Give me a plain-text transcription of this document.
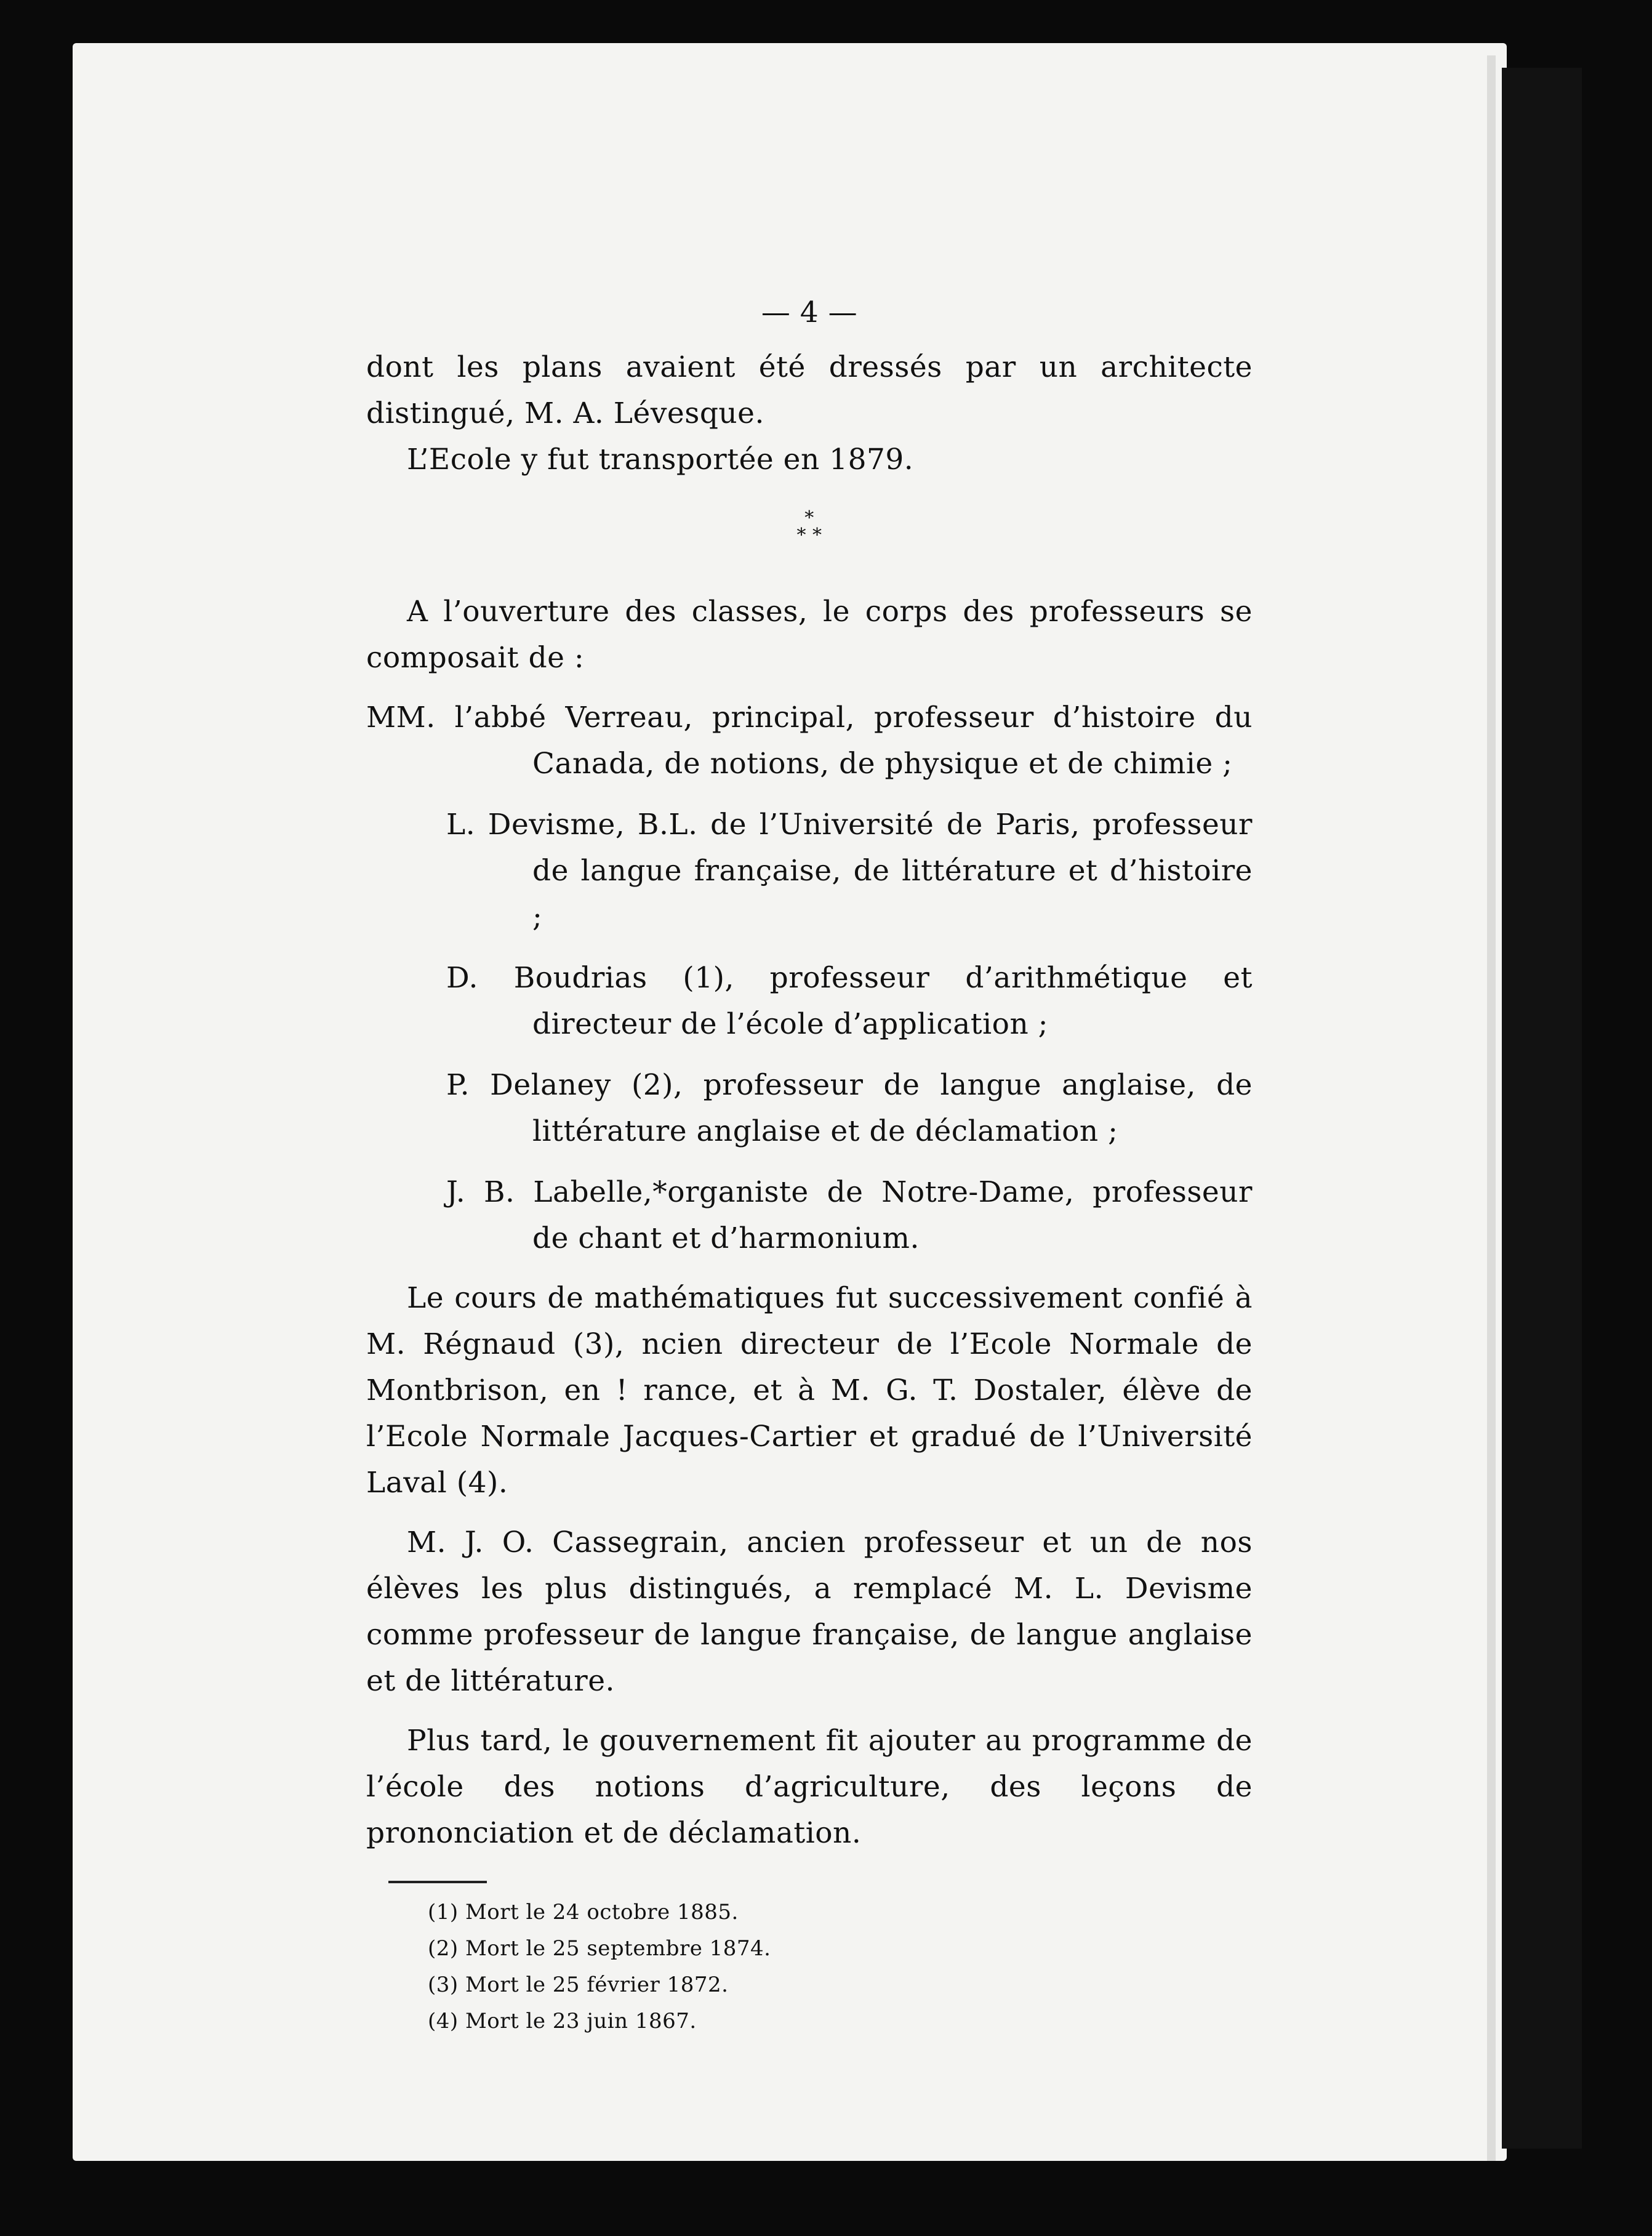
— 4 —

dont les plans avaient été dressés par un architecte distingué, M. A. Lévesque.

L’Ecole y fut transportée en 1879.

*
* *

A l’ouverture des classes, le corps des professeurs se composait de :

MM. l’abbé Verreau, principal, professeur d’histoire du Canada, de notions, de physique et de chimie ;
L. Devisme, B.L. de l’Université de Paris, professeur de langue française, de littérature et d’histoire ;
D. Boudrias (1), professeur d’arithmétique et directeur de l’école d’application ;
P. Delaney (2), professeur de langue anglaise, de littérature anglaise et de déclamation ;
J. B. Labelle,*organiste de Notre-Dame, professeur de chant et d’harmonium.

Le cours de mathématiques fut successivement confié à M. Régnaud (3), ncien directeur de l’Ecole Normale de Montbrison, en ! rance, et à M. G. T. Dostaler, élève de l’Ecole Normale Jacques-Cartier et gradué de l’Université Laval (4).

M. J. O. Cassegrain, ancien professeur et un de nos élèves les plus distingués, a remplacé M. L. Devisme comme professeur de langue française, de langue anglaise et de littérature.

Plus tard, le gouvernement fit ajouter au programme de l’école des notions d’agriculture, des leçons de prononciation et de déclamation.

(1) Mort le 24 octobre 1885.
(2) Mort le 25 septembre 1874.
(3) Mort le 25 février 1872.
(4) Mort le 23 juin 1867.
